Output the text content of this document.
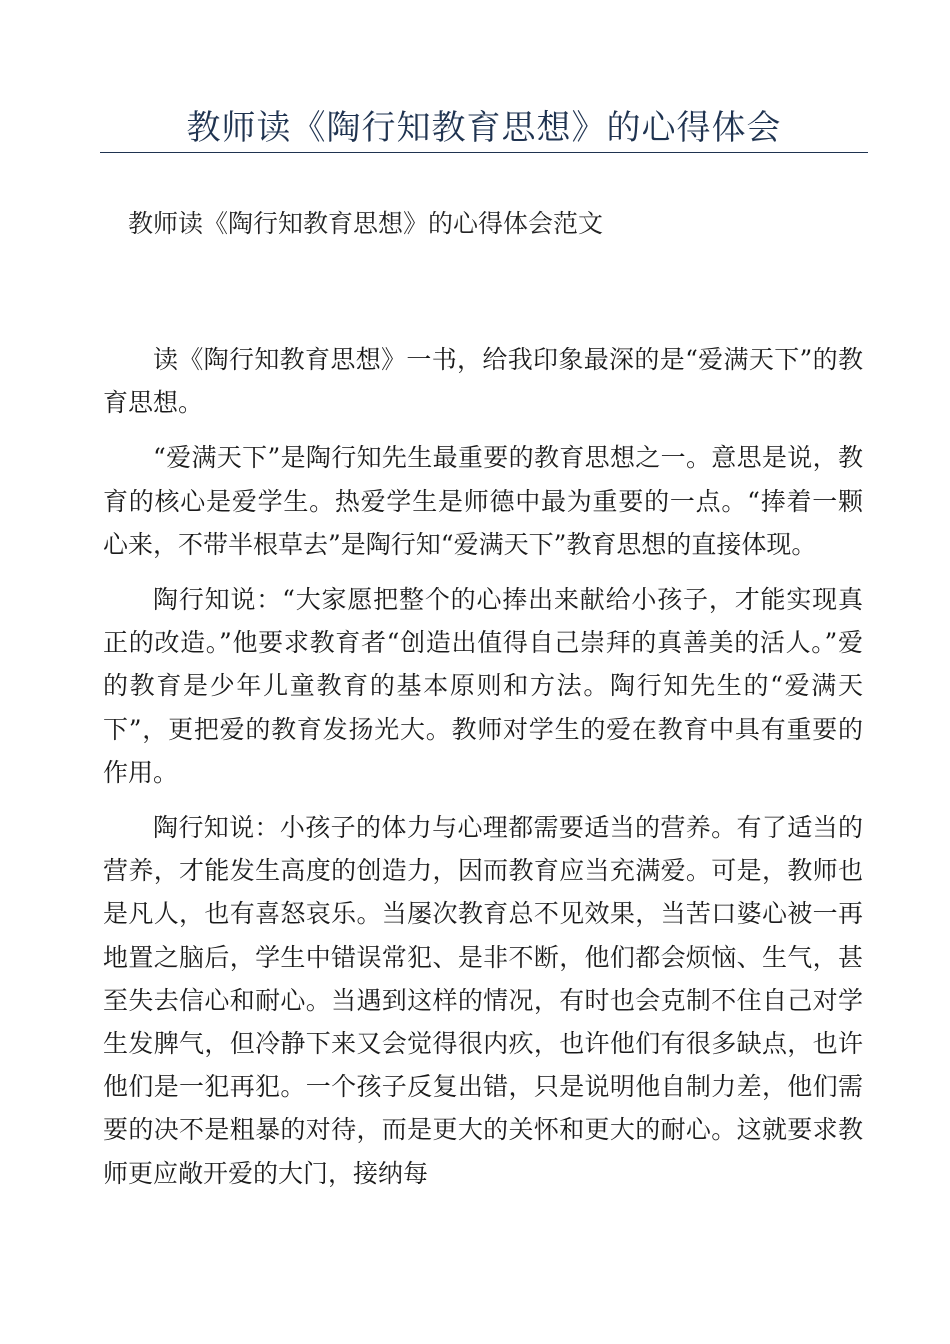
教师读《陶行知教育思想》的心得体会
教师读《陶行知教育思想》的心得体会范文

读《陶行知教育思想》一书，给我印象最深的是“爱满天下”的教育思想。

“爱满天下”是陶行知先生最重要的教育思想之一。意思是说，教育的核心是爱学生。热爱学生是师德中最为重要的一点。“捧着一颗心来，不带半根草去”是陶行知“爱满天下”教育思想的直接体现。

陶行知说：“大家愿把整个的心捧出来献给小孩子，才能实现真正的改造。”他要求教育者“创造出值得自己崇拜的真善美的活人。”爱的教育是少年儿童教育的基本原则和方法。陶行知先生的“爱满天下”，更把爱的教育发扬光大。教师对学生的爱在教育中具有重要的作用。

陶行知说：小孩子的体力与心理都需要适当的营养。有了适当的营养，才能发生高度的创造力，因而教育应当充满爱。可是，教师也是凡人，也有喜怒哀乐。当屡次教育总不见效果，当苦口婆心被一再地置之脑后，学生中错误常犯、是非不断，他们都会烦恼、生气，甚至失去信心和耐心。当遇到这样的情况，有时也会克制不住自己对学生发脾气，但冷静下来又会觉得很内疚，也许他们有很多缺点，也许他们是一犯再犯。一个孩子反复出错，只是说明他自制力差，他们需要的决不是粗暴的对待，而是更大的关怀和更大的耐心。这就要求教师更应敞开爱的大门，接纳每
